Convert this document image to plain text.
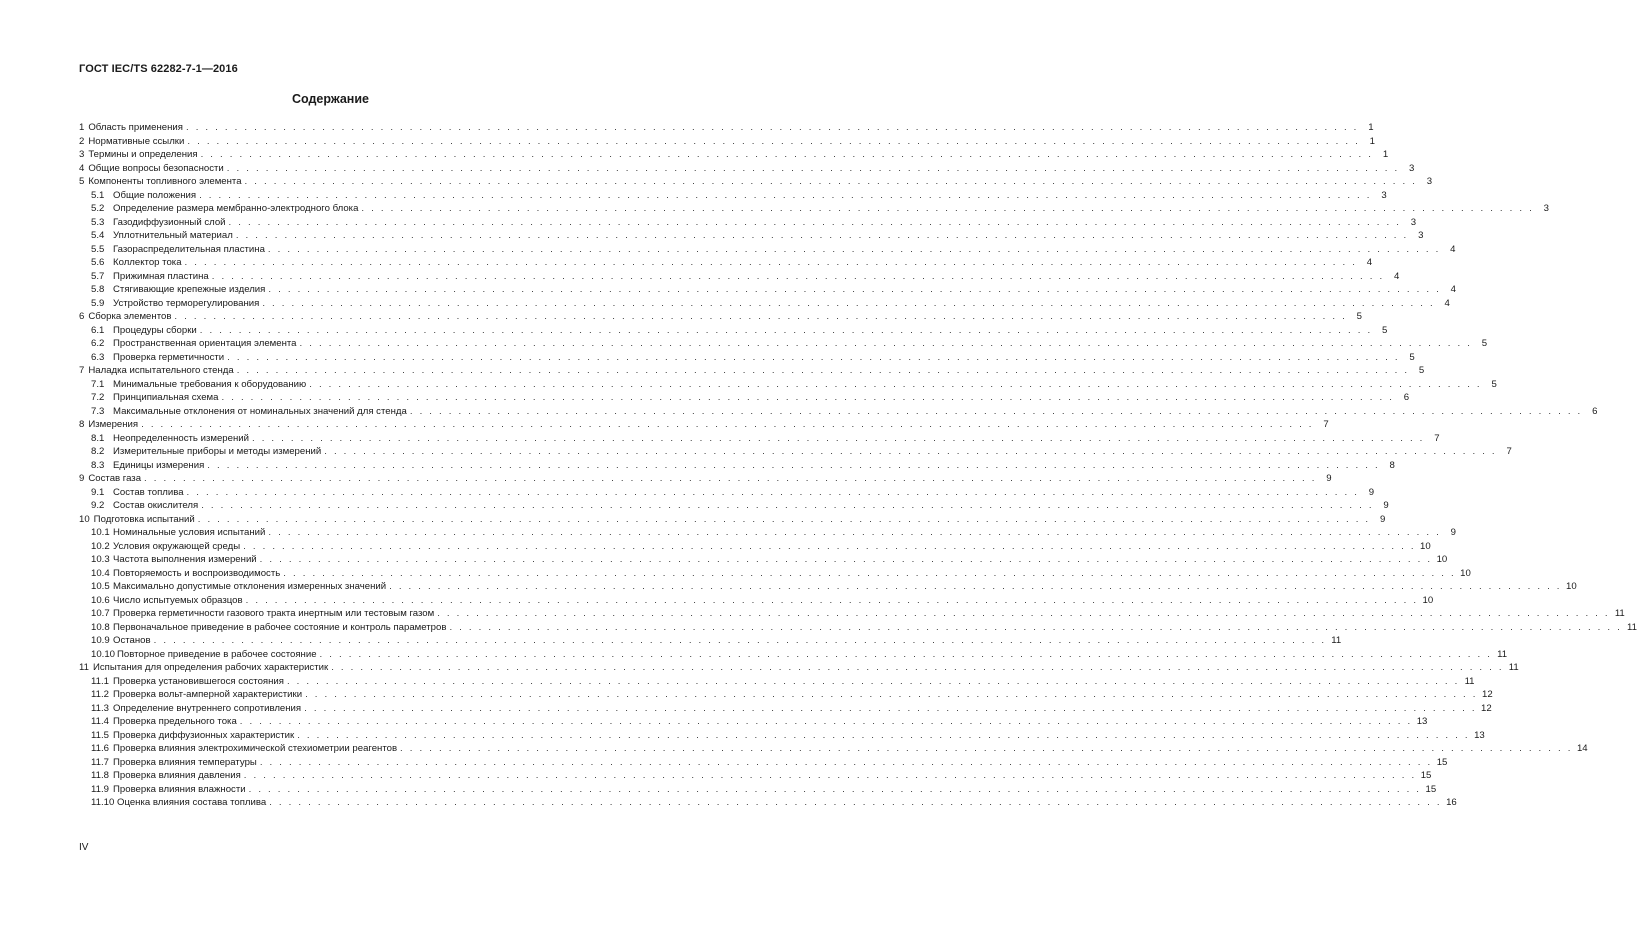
ГОСТ IEC/TS 62282-7-1—2016
Содержание
1 Область применения . . .	1
2 Нормативные ссылки . . .	1
3 Термины и определения . . .	1
4 Общие вопросы безопасности . . .	3
5 Компоненты топливного элемента . . .	3
5.1 Общие положения . . .	3
5.2 Определение размера мембранно-электродного блока . . .	3
5.3 Газодиффузионный слой . . .	3
5.4 Уплотнительный материал . . .	3
5.5 Газораспределительная пластина . . .	4
5.6 Коллектор тока . . .	4
5.7 Прижимная пластина . . .	4
5.8 Стягивающие крепежные изделия . . .	4
5.9 Устройство терморегулирования . . .	4
6 Сборка элементов . . .	5
6.1 Процедуры сборки . . .	5
6.2 Пространственная ориентация элемента . . .	5
6.3 Проверка герметичности . . .	5
7 Наладка испытательного стенда . . .	5
7.1 Минимальные требования к оборудованию . . .	5
7.2 Принципиальная схема . . .	6
7.3 Максимальные отклонения от номинальных значений для стенда . . .	6
8 Измерения . . .	7
8.1 Неопределенность измерений . . .	7
8.2 Измерительные приборы и методы измерений . . .	7
8.3 Единицы измерения . . .	8
9 Состав газа . . .	9
9.1 Состав топлива . . .	9
9.2 Состав окислителя . . .	9
10 Подготовка испытаний . . .	9
10.1 Номинальные условия испытаний . . .	9
10.2 Условия окружающей среды . . .	10
10.3 Частота выполнения измерений . . .	10
10.4 Повторяемость и воспроизводимость . . .	10
10.5 Максимально допустимые отклонения измеренных значений . . .	10
10.6 Число испытуемых образцов . . .	10
10.7 Проверка герметичности газового тракта инертным или тестовым газом . . .	11
10.8 Первоначальное приведение в рабочее состояние и контроль параметров . . .	11
10.9 Останов . . .	11
10.10 Повторное приведение в рабочее состояние . . .	11
11 Испытания для определения рабочих характеристик . . .	11
11.1 Проверка установившегося состояния . . .	11
11.2 Проверка вольт-амперной характеристики . . .	12
11.3 Определение внутреннего сопротивления . . .	12
11.4 Проверка предельного тока . . .	13
11.5 Проверка диффузионных характеристик . . .	13
11.6 Проверка влияния электрохимической стехиометрии реагентов . . .	14
11.7 Проверка влияния температуры . . .	15
11.8 Проверка влияния давления . . .	15
11.9 Проверка влияния влажности . . .	15
11.10 Оценка влияния состава топлива . . .	16
IV
